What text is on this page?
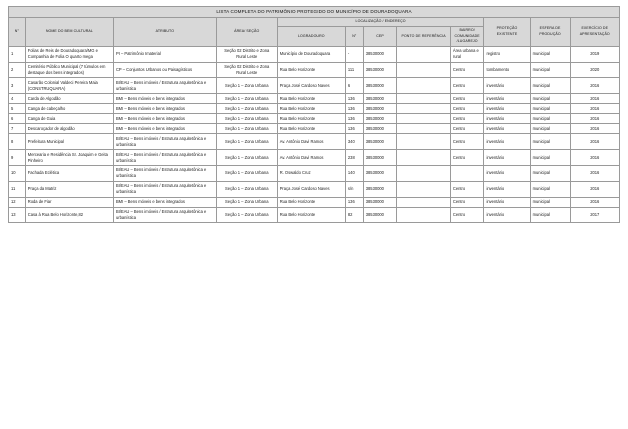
LISTA COMPLETA DO PATRIMÔNIO PROTEGIDO DO MUNICÍPIO DE DOURADOQUARA											
N°	NOME DO BEM CULTURAL	ATRIBUTO	ÁREA/ SEÇÃO	LOCALIZAÇÃO / ENDEREÇO					PROTEÇÃO EXISTENTE	ESFERA DE PRODUÇÃO	EXERCÍCIO DE APRESENTAÇÃO
				LOGRADOURO	N°	CEP	PONTO DE REFERÊNCIA	BAIRRO/ COMUNIDADE /LUGAREJO			
1	Folias de Reis de Douradoquara/MG e Companhia de Folia O quarto mega	PI – Patrimônio Imaterial	Seção 02 Distrito e Zona Rural Leste	Município de Douradoquara	-	38530000		Área urbana e rural	registro	municipal	2019
2	Cemitério Público Municipal (7 túmulos em destaque dos bens integrados)	CP – Conjuntos Urbanos ou Paisagísticos	Seção 02 Distrito e Zona Rural Leste	Rua Belo Horizonte	111	38530000		Centro	tombamento	municipal	2020
3	Casarão Colonial Valdeci Pereira Maia (CONSTRUQUARA)	BI/EAU – Bens imóveis / Estrutura arquitetônica e urbanística	Seção 1 – Zona Urbana	Praça José Cardoso Naves	6	38530000		Centro	inventário	municipal	2016
4	Carda de Algodão	BMI – Bens móveis e bens integrados	Seção 1 – Zona Urbana	Rua Belo Horizonte	136	38530000		Centro	inventário	municipal	2016
5	Canga de cabeçalho	BMI – Bens móveis e bens integrados	Seção 1 – Zona Urbana	Rua Belo Horizonte	136	38530000		Centro	inventário	municipal	2016
6	Canga de Guia	BMI – Bens móveis e bens integrados	Seção 1 – Zona Urbana	Rua Belo Horizonte	136	38530000		Centro	inventário	municipal	2016
7	Descaroçador de algodão	BMI – Bens móveis e bens integrados	Seção 1 – Zona Urbana	Rua Belo Horizonte	136	38530000		Centro	inventário	municipal	2016
8	Prefeitura Municipal	BI/EAU – Bens imóveis / Estrutura arquitetônica e urbanística	Seção 1 – Zona Urbana	Av. Antônio Davi Ramos	340	38530000		Centro	inventário	municipal	2016
9	Mercearia e Residência Sr. Joaquim e Geita Pinheiro	BI/EAU – Bens imóveis / Estrutura arquitetônica e urbanística	Seção 1 – Zona Urbana	Av. Antônio Davi Ramos	238	38530000		Centro	inventário	municipal	2016
10	Fachada Eclética	BI/EAU – Bens imóveis / Estrutura arquitetônica e urbanística	Seção 1 – Zona Urbana	R. Oswaldo Cruz	140	38530000			inventário	municipal	2016
11	Praça da Matriz	BI/EAU – Bens imóveis / Estrutura arquitetônica e urbanística	Seção 1 – Zona Urbana	Praça José Cardoso Naves	s/n	38530000		Centro	inventário	municipal	2016
12	Roda de Fiar	BMI – Bens móveis e bens integrados	Seção 1 – Zona Urbana	Rua Belo Horizonte	136	38530000		Centro	inventário	municipal	2016
13	Casa à Rua Belo Horizonte,82	BI/EAU – Bens imóveis / Estrutura arquitetônica e urbanística	Seção 1 – Zona Urbana	Rua Belo Horizonte	82	38530000		Centro	inventário	municipal	2017
